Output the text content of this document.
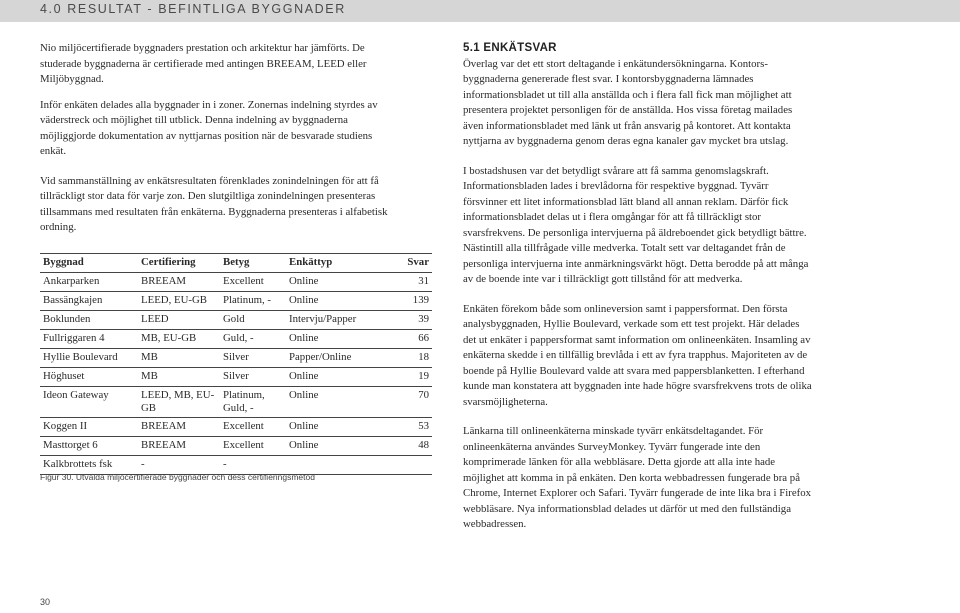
4.0 RESULTAT - BEFINTLIGA BYGGNADER

Nio miljöcertifierade byggnaders prestation och arkitektur har jämförts. De studerade byggnaderna är certifierade med antingen BREEAM, LEED eller Miljöbyggnad.

Inför enkäten delades alla byggnader in i zoner. Zonernas indelning styrdes av väderstreck och möjlighet till utblick. Denna indelning av byggnaderna möjliggjorde dokumentation av nyttjarnas position när de besvarade studiens enkät.

Vid sammanställning av enkätsresultaten förenklades zonindelningen för att få tillräckligt stor data för varje zon. Den slutgiltliga zonindelningen presenteras tillsammans med resultaten från enkäterna. Byggnaderna presenteras i alfabetisk ordning.

Byggnad	Certifiering	Betyg	Enkättyp	Svar
Ankarparken	BREEAM	Excellent	Online	31
Bassängkajen	LEED, EU-GB	Platinum, -	Online	139
Boklunden	LEED	Gold	Intervju/Papper	39
Fullriggaren 4	MB, EU-GB	Guld, -	Online	66
Hyllie Boulevard	MB	Silver	Papper/Online	18
Höghuset	MB	Silver	Online	19
Ideon Gateway	LEED, MB, EU-GB	Platinum, Guld, -	Online	70
Koggen II	BREEAM	Excellent	Online	53
Masttorget 6	BREEAM	Excellent	Online	48
Kalkbrottets fsk	-	-		
Figur 30. Utvalda miljöcertifierade byggnader och dess certifieringsmetod

5.1 ENKÄTSVAR

Överlag var det ett stort deltagande i enkätundersökningarna. Kontors-byggnaderna genererade flest svar. I kontorsbyggnaderna lämnades informationsbladet ut till alla anställda och i flera fall fick man möjlighet att presentera projektet personligen för de anställda. Hos vissa företag mailades även informationsbladet med länk ut från ansvarig på kontoret. Att kontakta nyttjarna av byggnaderna genom deras egna kanaler gav mycket bra utslag.

I bostadshusen var det betydligt svårare att få samma genomslagskraft. Informationsbladen lades i brevlådorna för respektive byggnad. Tyvärr försvinner ett litet informationsblad lätt bland all annan reklam. Därför fick informationsbladet delas ut i flera omgångar för att få tillräckligt stor svarsfrekvens. De personliga intervjuerna på äldreboendet gick betydligt bättre. Nästintill alla tillfrågade ville medverka. Totalt sett var deltagandet från de personliga intervjuerna inte anmärkningsvärkt högt. Detta berodde på att många av de boende inte var i tillräckligt gott tillstånd för att medverka.

Enkäten förekom både som onlineversion samt i pappersformat. Den första analysbyggnaden, Hyllie Boulevard, verkade som ett test projekt. Här delades det ut enkäter i pappersformat samt information om onlineenkäten. Insamling av enkäterna skedde i en tillfällig brevlåda i ett av fyra trapphus. Majoriteten av de boende på Hyllie Boulevard valde att svara med pappersblanketten. I efterhand kunde man konstatera att byggnaden inte hade högre svarsfrekvens trots de olika svarsmöjligheterna.

Länkarna till onlineenkäterna minskade tyvärr enkätsdeltagandet. För onlineenkäterna användes SurveyMonkey. Tyvärr fungerade inte den komprimerade länken för alla webbläsare. Detta gjorde att alla inte hade möjlighet att komma in på enkäten. Den korta webbadressen fungerade bra på Chrome, Internet Explorer och Safari. Tyvärr fungerade de inte lika bra i Firefox webbläsare. Nya informationsblad delades ut därför ut med den fullständiga webbadressen.

30
